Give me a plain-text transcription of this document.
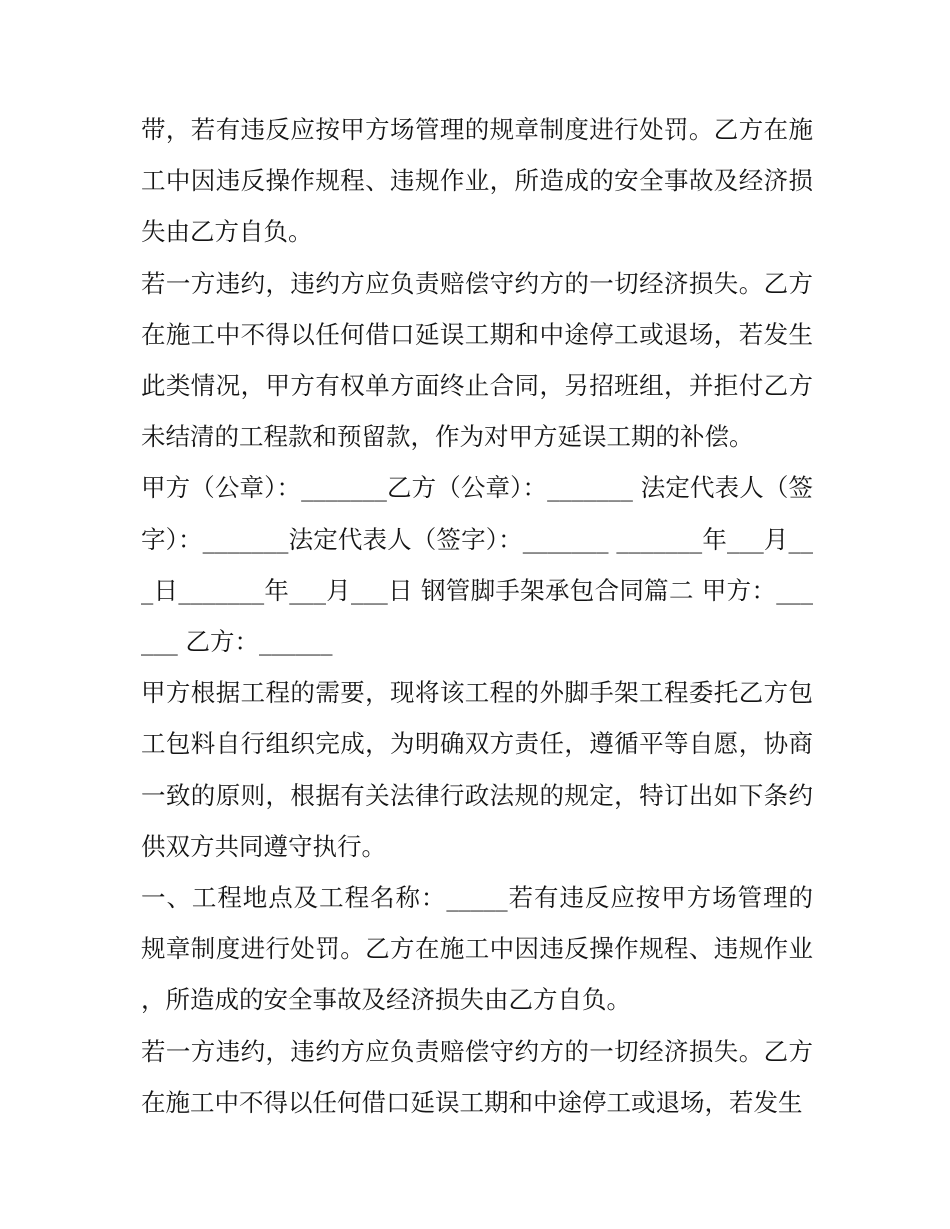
带，若有违反应按甲方场管理的规章制度进行处罚。乙方在施工中因违反操作规程、违规作业，所造成的安全事故及经济损失由乙方自负。

若一方违约，违约方应负责赔偿守约方的一切经济损失。乙方在施工中不得以任何借口延误工期和中途停工或退场，若发生此类情况，甲方有权单方面终止合同，另招班组，并拒付乙方未结清的工程款和预留款，作为对甲方延误工期的补偿。

甲方（公章）：_______乙方（公章）：_______ 法定代表人（签字）：_______法定代表人（签字）：_______ _______年___月___日_______年___月___日 钢管脚手架承包合同篇二 甲方：______ 乙方：______

甲方根据工程的需要，现将该工程的外脚手架工程委托乙方包工包料自行组织完成，为明确双方责任，遵循平等自愿，协商一致的原则，根据有关法律行政法规的规定，特订出如下条约供双方共同遵守执行。

一、工程地点及工程名称：_____若有违反应按甲方场管理的规章制度进行处罚。乙方在施工中因违反操作规程、违规作业，所造成的安全事故及经济损失由乙方自负。

若一方违约，违约方应负责赔偿守约方的一切经济损失。乙方在施工中不得以任何借口延误工期和中途停工或退场，若发生
